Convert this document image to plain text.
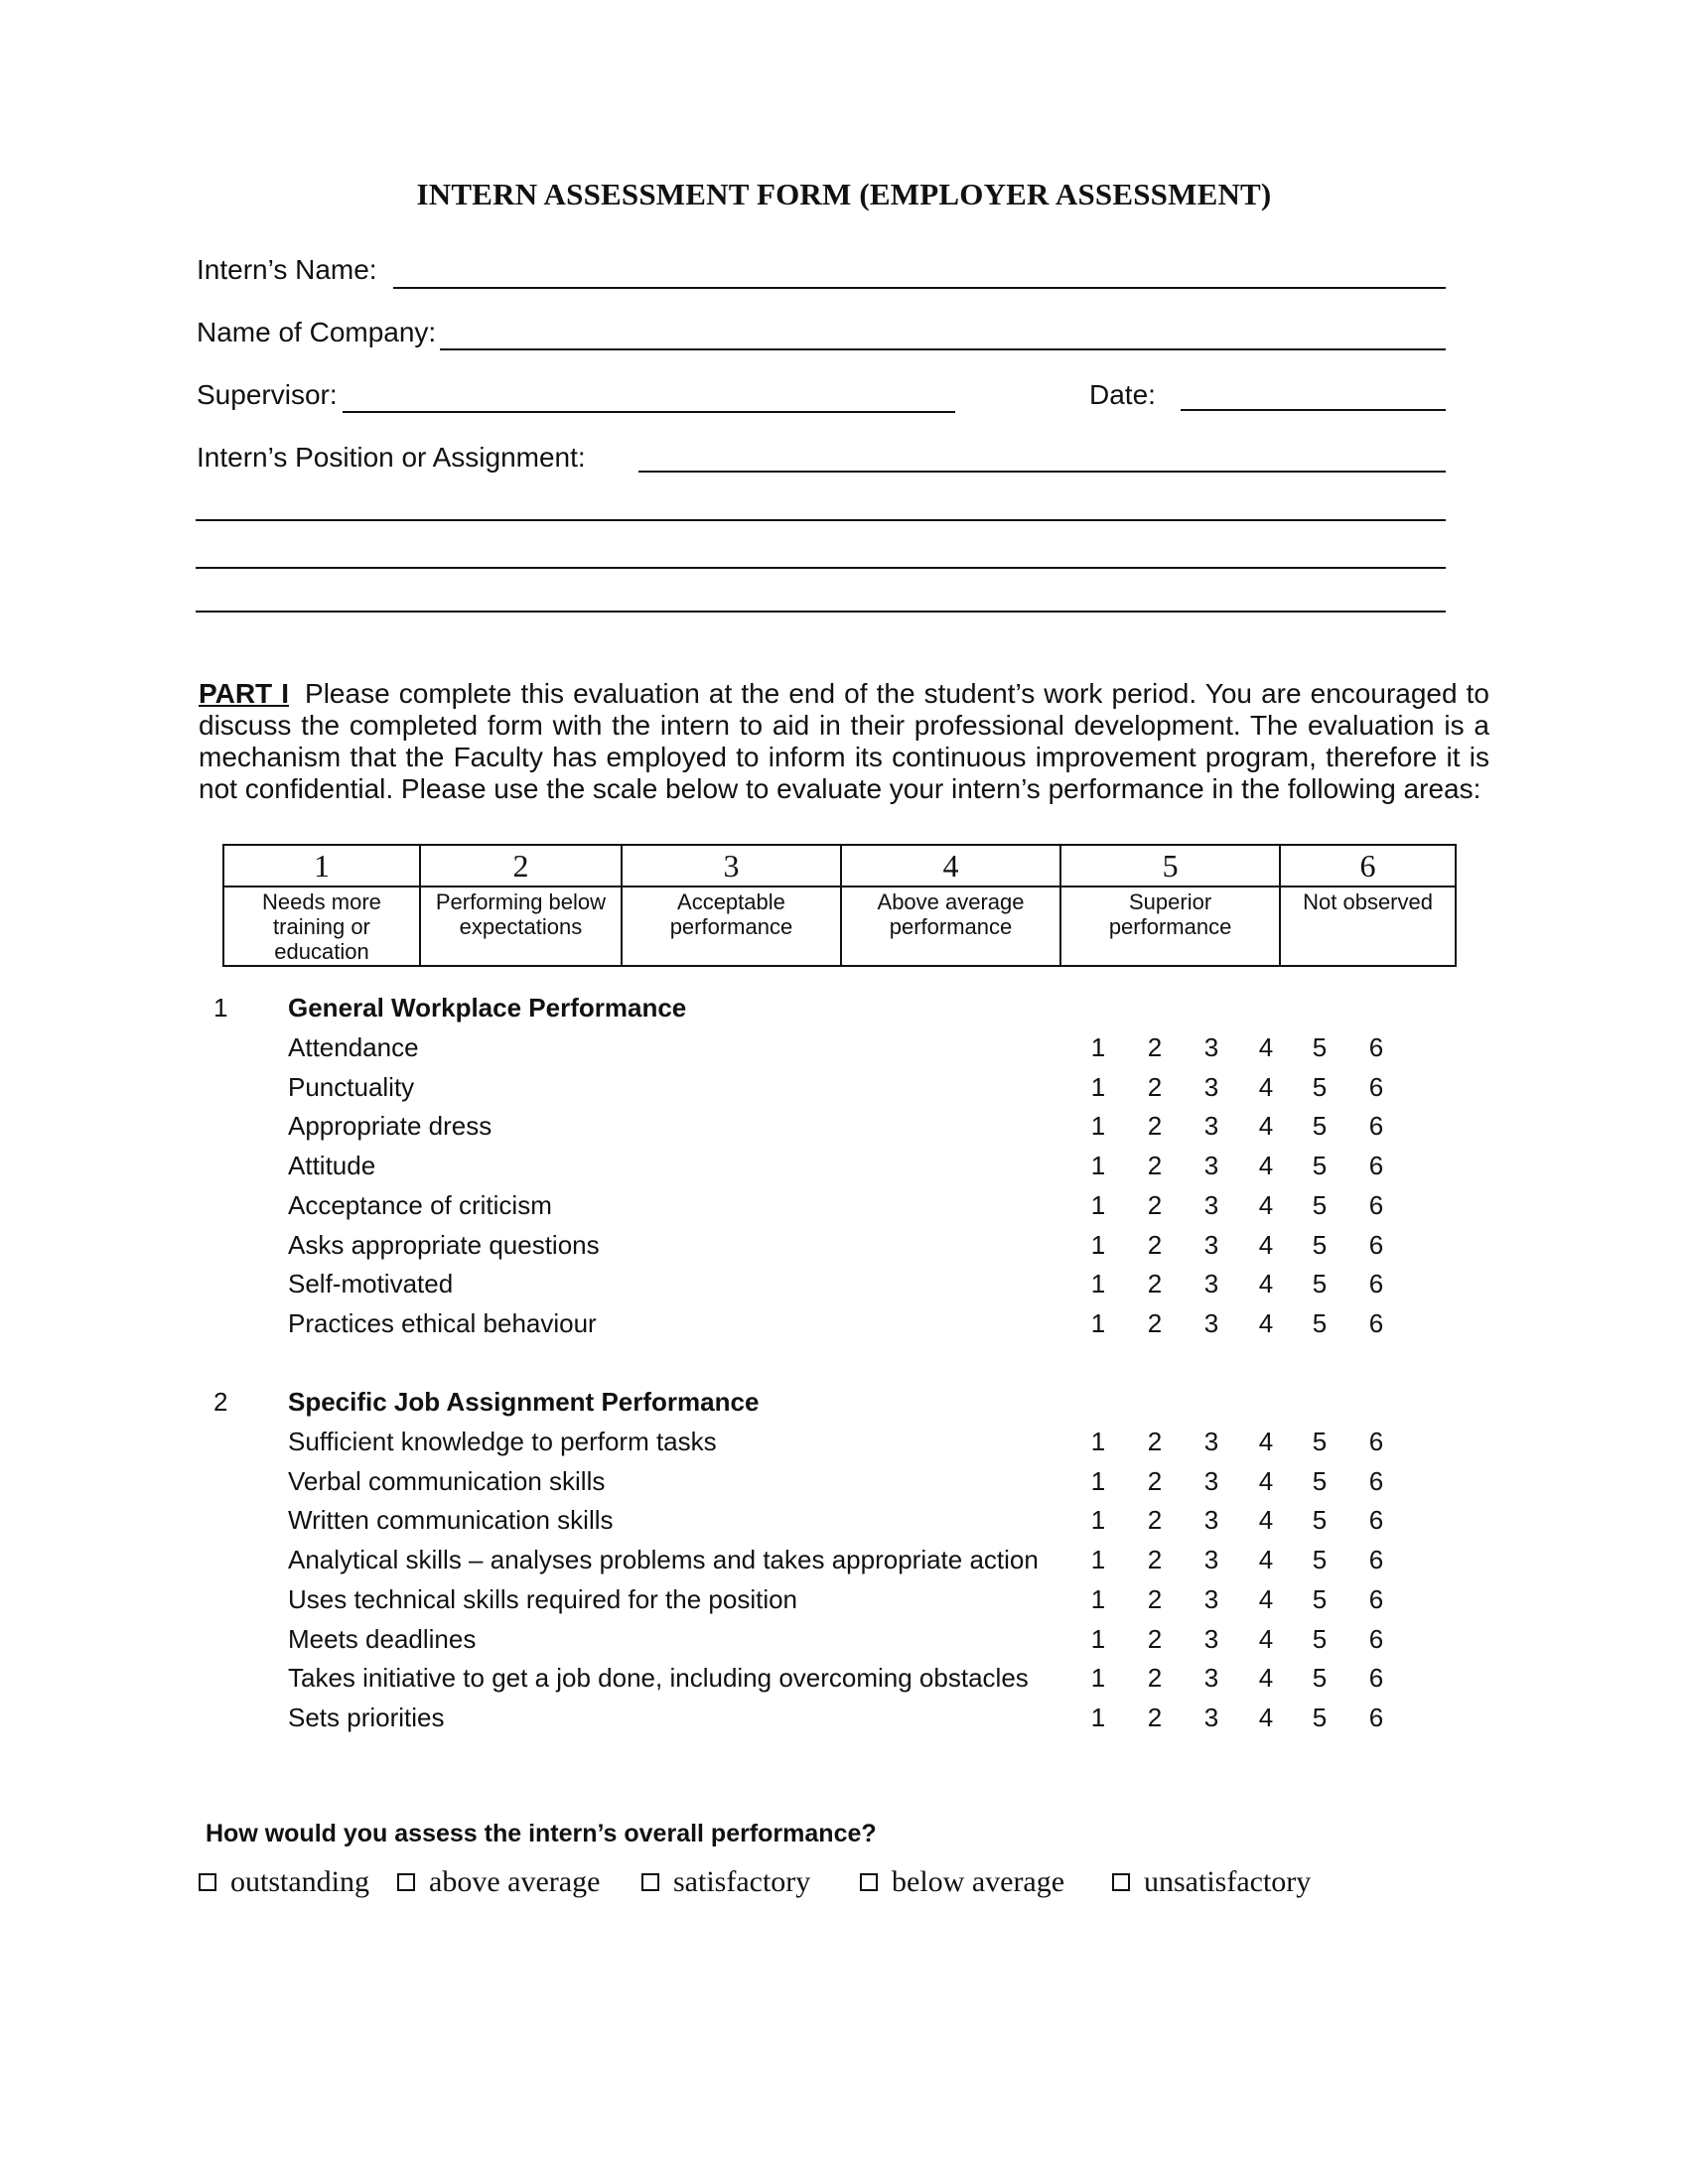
INTERN ASSESSMENT FORM (EMPLOYER ASSESSMENT)
Intern’s Name:
Name of Company:
Supervisor:	Date:
Intern’s Position or Assignment:
PART I Please complete this evaluation at the end of the student’s work period. You are encouraged to discuss the completed form with the intern to aid in their professional development. The evaluation is a mechanism that the Faculty has employed to inform its continuous improvement program, therefore it is not confidential. Please use the scale below to evaluate your intern’s performance in the following areas:
1	2	3	4	5	6
Needs more training or education	Performing below expectations	Acceptable performance	Above average performance	Superior performance	Not observed
1 General Workplace Performance
Attendance	1 2 3 4 5 6
Punctuality	1 2 3 4 5 6
Appropriate dress	1 2 3 4 5 6
Attitude	1 2 3 4 5 6
Acceptance of criticism	1 2 3 4 5 6
Asks appropriate questions	1 2 3 4 5 6
Self-motivated	1 2 3 4 5 6
Practices ethical behaviour	1 2 3 4 5 6
2 Specific Job Assignment Performance
Sufficient knowledge to perform tasks	1 2 3 4 5 6
Verbal communication skills	1 2 3 4 5 6
Written communication skills	1 2 3 4 5 6
Analytical skills – analyses problems and takes appropriate action 1 2 3 4 5 6
Uses technical skills required for the position	1 2 3 4 5 6
Meets deadlines	1 2 3 4 5 6
Takes initiative to get a job done, including overcoming obstacles 1 2 3 4 5 6
Sets priorities	1 2 3 4 5 6
How would you assess the intern’s overall performance?
outstanding above average satisfactory	below average	unsatisfactory
